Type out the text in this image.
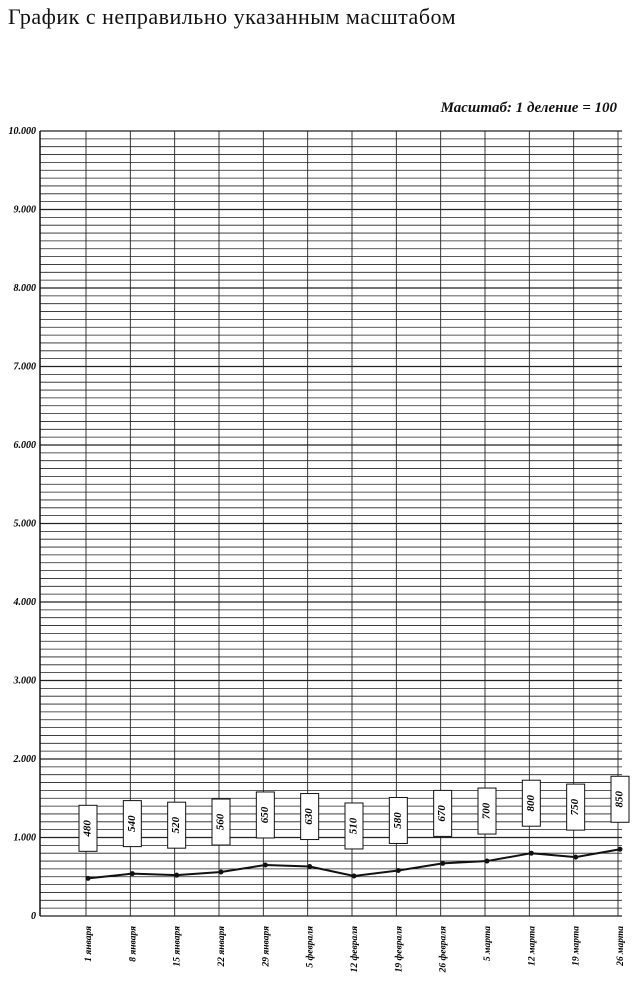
График с неправильно указанным масштабом
Масштаб: 1 деление = 100
0
1.000
2.000
3.000
4.000
5.000
6.000
7.000
8.000
9.000
10.000
480	540	520	560	650	630
510	580	670	700	800	750	850
1 января	8 января	15 января	22 января	29 января	5 февраля	12 февраля	19 февраля	26 февраля	5 марта	12 марта	19 марта	26 марта
